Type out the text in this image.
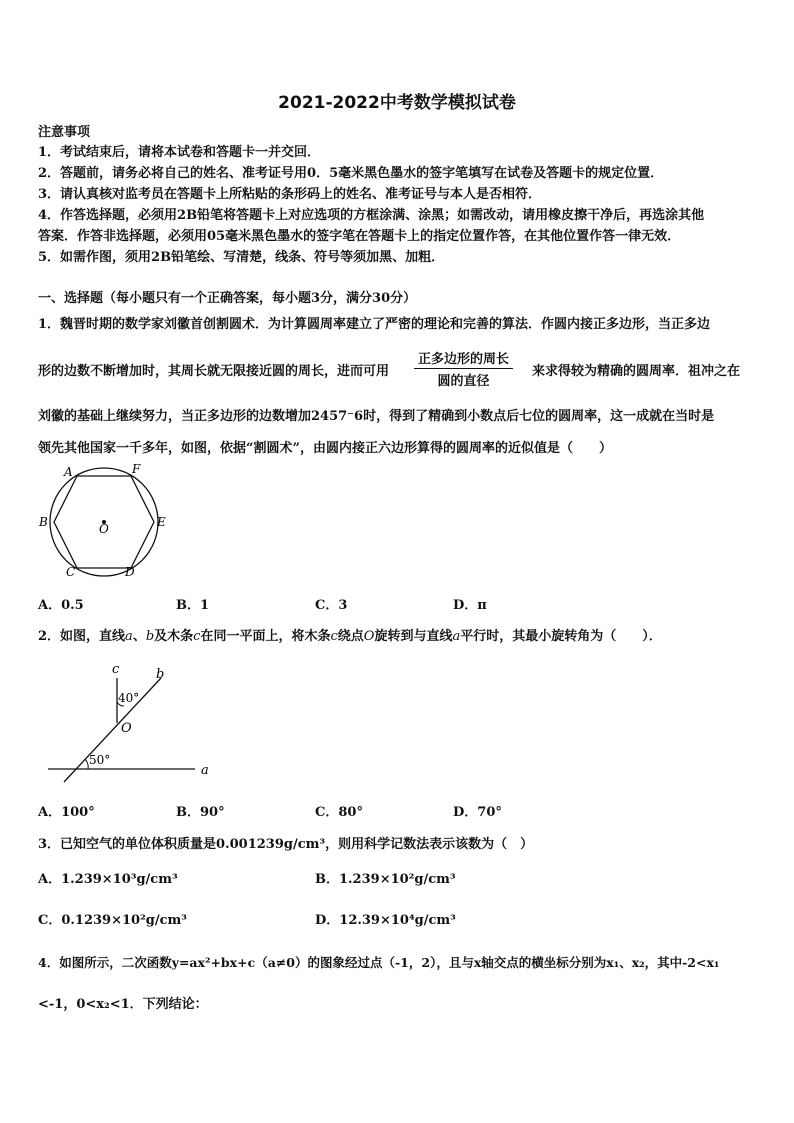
2021-2022中考数学模拟试卷
注意事项
1．考试结束后，请将本试卷和答题卡一并交回．
2．答题前，请务必将自己的姓名、准考证号用0．5毫米黑色墨水的签字笔填写在试卷及答题卡的规定位置．
3．请认真核对监考员在答题卡上所粘贴的条形码上的姓名、准考证号与本人是否相符．
4．作答选择题，必须用2B铅笔将答题卡上对应选项的方框涂满、涂黑；如需改动，请用橡皮擦干净后，再选涂其他
答案．作答非选择题，必须用05毫米黑色墨水的签字笔在答题卡上的指定位置作答，在其他位置作答一律无效．
5．如需作图，须用2B铅笔绘、写清楚，线条、符号等须加黑、加粗．
一、选择题（每小题只有一个正确答案，每小题3分，满分30分）
1．魏晋时期的数学家刘徽首创割圆术．为计算圆周率建立了严密的理论和完善的算法．作圆内接正多边形，当正多边
形的边数不断增加时，其周长就无限接近圆的周长，进而可用
正多边形的周长
圆的直径
来求得较为精确的圆周率．祖冲之在
刘徽的基础上继续努力，当正多边形的边数增加2457⁻6时，得到了精确到小数点后七位的圆周率，这一成就在当时是
领先其他国家一千多年，如图，依据“割圆术”，由圆内接正六边形算得的圆周率的近似值是（　　）
A	F
B	O	E
C	D
A．0.5	B．1	C．3	D．π
2．如图，直线a、b及木条c在同一平面上，将木条c绕点O旋转到与直线a平行时，其最小旋转角为（　　）．
c	b
40°
O
50°
a
A．100°	B．90°	C．80°	D．70°
3．已知空气的单位体积质量是0.001239g/cm³，则用科学记数法表示该数为（　）
A．1.239×10³g/cm³	B．1.239×10²g/cm³
C．0.1239×10²g/cm³	D．12.39×10⁴g/cm³
4．如图所示，二次函数y=ax²+bx+c（a≠0）的图象经过点（-1，2），且与x轴交点的横坐标分别为x₁、x₂，其中-2<x₁
<-1，0<x₂<1．下列结论：
